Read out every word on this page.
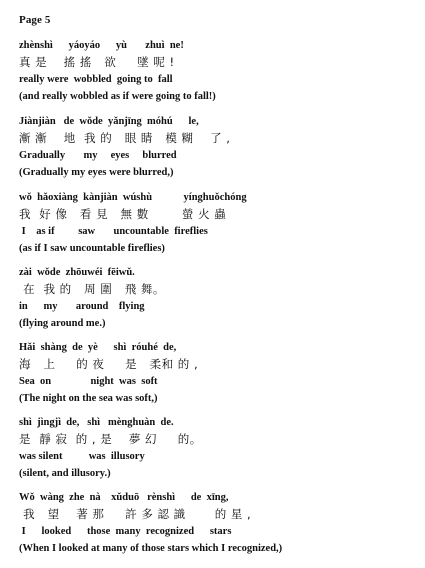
Page 5
zhènshì      yáoyáo      yù       zhuì  ne!
真 是    搖 搖   欲     墜 呢 !
really were  wobbled  going to  fall
(and really wobbled as if were going to fall!)
Jiànjiàn   de  wǒde  yǎnjīng  móhú      le,
漸 漸    地  我 的   眼 睛   模 糊    了 ,
Gradually       my     eyes     blurred
(Gradually my eyes were blurred,)
wǒ  hǎoxiàng  kànjiàn  wúshù            yínghuǒchóng
我  好 像   看 見   無 數        螢 火 蟲
I    as if         saw       uncountable  fireflies
(as if I saw uncountable fireflies)
zài  wǒde  zhōuwéi  fēiwǔ.
在  我 的   周 圍   飛 舞。
in      my       around    flying
(flying around me.)
Hǎi  shàng  de  yè      shì  róuhé  de,
海   上     的 夜     是   柔和 的 ,
Sea  on               night  was  soft
(The night on the sea was soft,)
shì  jìngjì  de,   shì   mènghuàn  de.
是  靜 寂  的 , 是    夢 幻     的。
was silent          was  illusory
(silent, and illusory.)
Wǒ  wàng  zhe  nà    xǔduō   rènshì      de  xīng,
我   望    著 那     許 多 認 識       的 星 ,
I      looked      those  many  recognized      stars
(When I looked at many of those stars which I recognized,)
